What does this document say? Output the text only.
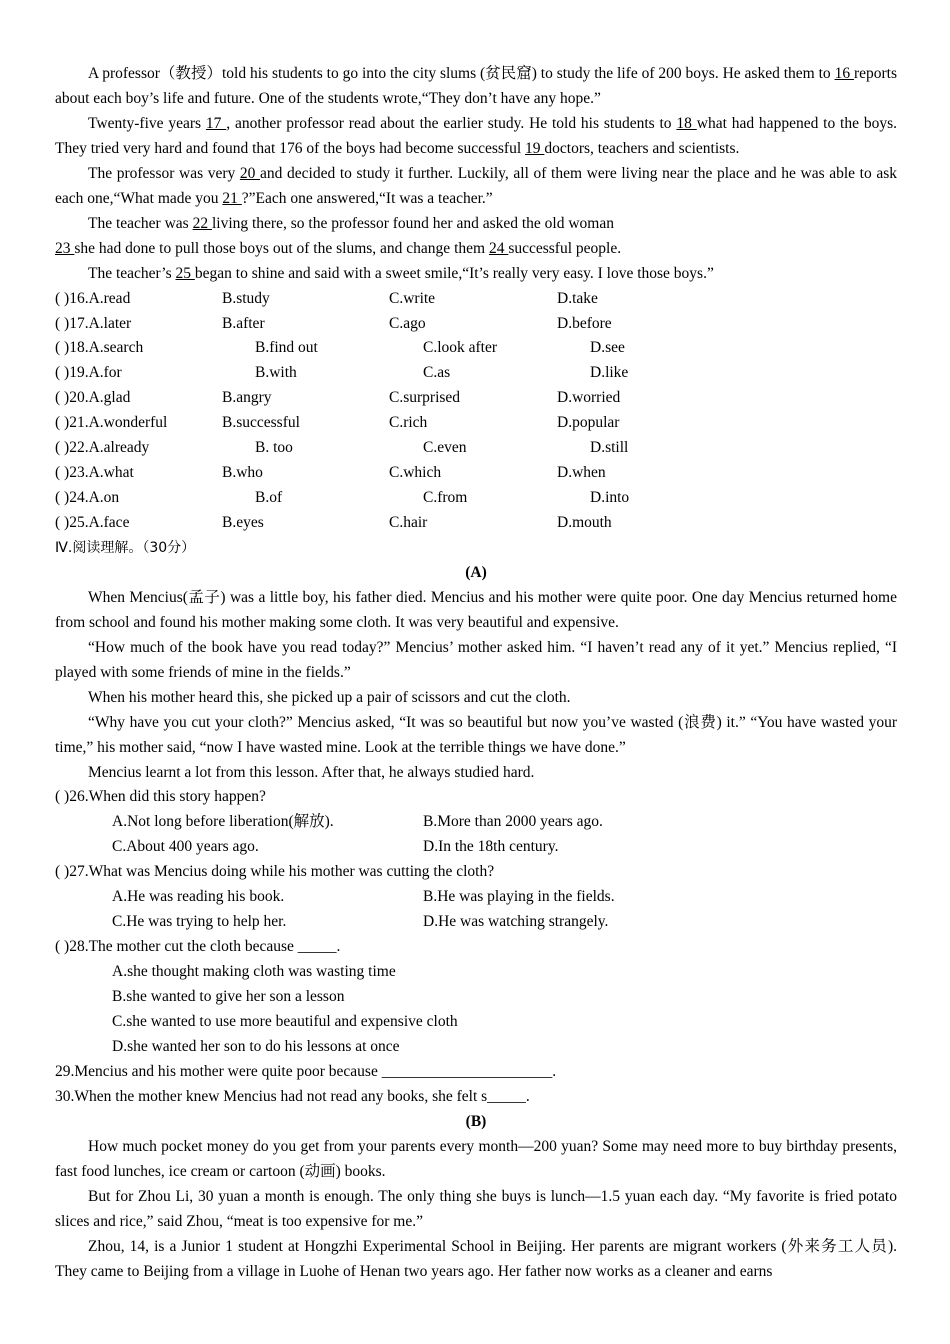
A professor（教授）told his students to go into the city slums (贫民窟) to study the life of 200 boys. He asked them to 16 reports about each boy’s life and future. One of the students wrote,“They don’t have any hope.”

Twenty-five years 17 , another professor read about the earlier study. He told his students to 18 what had happened to the boys. They tried very hard and found that 176 of the boys had become successful 19 doctors, teachers and scientists.

The professor was very 20 and decided to study it further. Luckily, all of them were living near the place and he was able to ask each one,“What made you 21 ?”Each one answered,“It was a teacher.”

The teacher was 22 living there, so the professor found her and asked the old woman

23 she had done to pull those boys out of the slums, and change them 24 successful people.

The teacher’s 25 began to shine and said with a sweet smile,“It’s really very easy. I love those boys.”

( )16.A.read	B.study	C.write	D.take
( )17.A.later	B.after	C.ago	D.before
( )18.A.search	B.find out	C.look after	D.see
( )19.A.for	B.with	C.as	D.like
( )20.A.glad	B.angry	C.surprised	D.worried
( )21.A.wonderful	B.successful	C.rich	D.popular
( )22.A.already	B. too	C.even	D.still
( )23.A.what	B.who	C.which	D.when
( )24.A.on	B.of	C.from	D.into
( )25.A.face	B.eyes	C.hair	D.mouth

Ⅳ.阅读理解。（30分）

(A)

When Mencius(孟子) was a little boy, his father died. Mencius and his mother were quite poor. One day Mencius returned home from school and found his mother making some cloth. It was very beautiful and expensive.

“How much of the book have you read today?” Mencius’ mother asked him. “I haven’t read any of it yet.” Mencius replied, “I played with some friends of mine in the fields.”

When his mother heard this, she picked up a pair of scissors and cut the cloth.

“Why have you cut your cloth?” Mencius asked, “It was so beautiful but now you’ve wasted (浪费) it.” “You have wasted your time,” his mother said, “now I have wasted mine. Look at the terrible things we have done.”

Mencius learnt a lot from this lesson. After that, he always studied hard.

( )26.When did this story happen?

A.Not long before liberation(解放).	B.More than 2000 years ago.
C.About 400 years ago.	D.In the 18th century.

( )27.What was Mencius doing while his mother was cutting the cloth?

A.He was reading his book.	B.He was playing in the fields.
C.He was trying to help her.	D.He was watching strangely.

( )28.The mother cut the cloth because _____.

A.she thought making cloth was wasting time

B.she wanted to give her son a lesson

C.she wanted to use more beautiful and expensive cloth

D.she wanted her son to do his lessons at once

29.Mencius and his mother were quite poor because ______________________.

30.When the mother knew Mencius had not read any books, she felt s_____.

(B)

How much pocket money do you get from your parents every month—200 yuan? Some may need more to buy birthday presents, fast food lunches, ice cream or cartoon (动画) books.

But for Zhou Li, 30 yuan a month is enough. The only thing she buys is lunch—1.5 yuan each day. “My favorite is fried potato slices and rice,” said Zhou, “meat is too expensive for me.”

Zhou, 14, is a Junior 1 student at Hongzhi Experimental School in Beijing. Her parents are migrant workers (外来务工人员). They came to Beijing from a village in Luohe of Henan two years ago. Her father now works as a cleaner and earns
